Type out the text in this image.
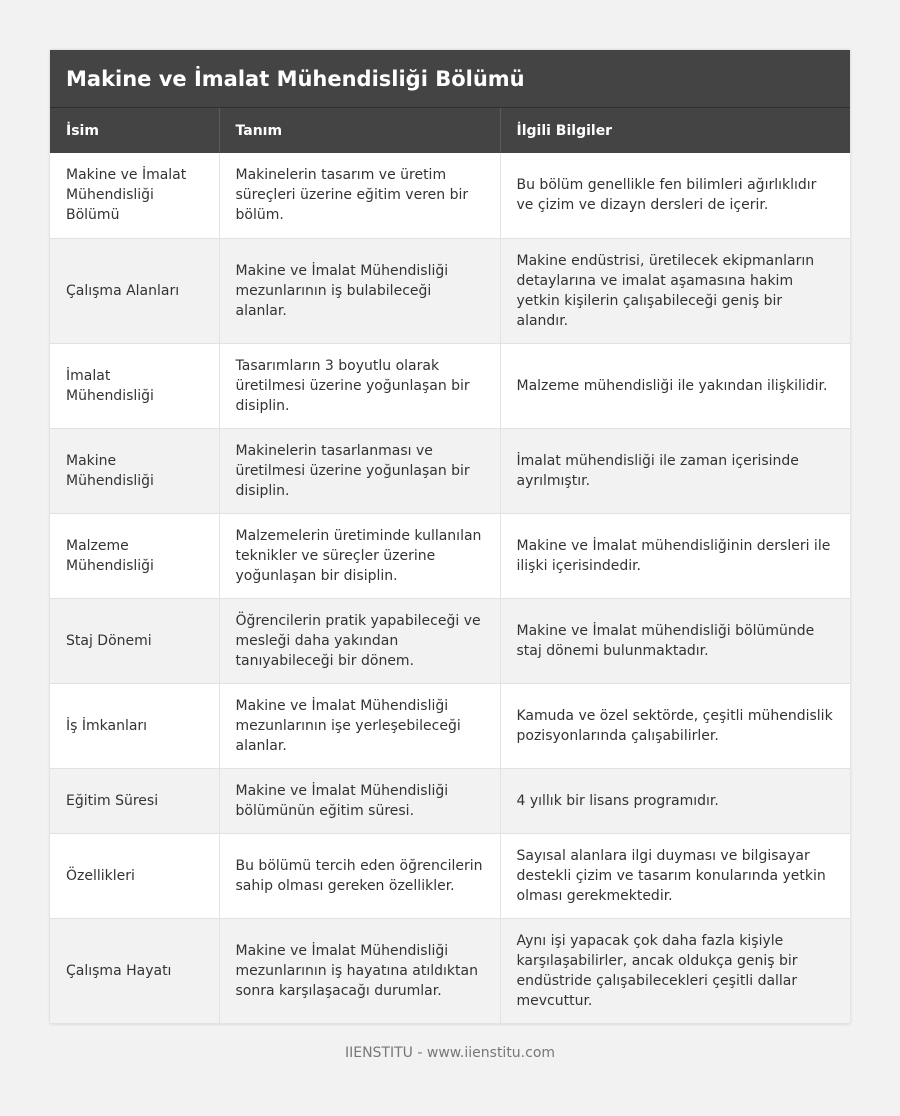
Makine ve İmalat Mühendisliği Bölümü
İsim	Tanım	İlgili Bilgiler
Makine ve İmalat Mühendisliği Bölümü	Makinelerin tasarım ve üretim süreçleri üzerine eğitim veren bir bölüm.	Bu bölüm genellikle fen bilimleri ağırlıklıdır ve çizim ve dizayn dersleri de içerir.
Çalışma Alanları	Makine ve İmalat Mühendisliği mezunlarının iş bulabileceği alanlar.	Makine endüstrisi, üretilecek ekipmanların detaylarına ve imalat aşamasına hakim yetkin kişilerin çalışabileceği geniş bir alandır.
İmalat Mühendisliği	Tasarımların 3 boyutlu olarak üretilmesi üzerine yoğunlaşan bir disiplin.	Malzeme mühendisliği ile yakından ilişkilidir.
Makine Mühendisliği	Makinelerin tasarlanması ve üretilmesi üzerine yoğunlaşan bir disiplin.	İmalat mühendisliği ile zaman içerisinde ayrılmıştır.
Malzeme Mühendisliği	Malzemelerin üretiminde kullanılan teknikler ve süreçler üzerine yoğunlaşan bir disiplin.	Makine ve İmalat mühendisliğinin dersleri ile ilişki içerisindedir.
Staj Dönemi	Öğrencilerin pratik yapabileceği ve mesleği daha yakından tanıyabileceği bir dönem.	Makine ve İmalat mühendisliği bölümünde staj dönemi bulunmaktadır.
İş İmkanları	Makine ve İmalat Mühendisliği mezunlarının işe yerleşebileceği alanlar.	Kamuda ve özel sektörde, çeşitli mühendislik pozisyonlarında çalışabilirler.
Eğitim Süresi	Makine ve İmalat Mühendisliği bölümünün eğitim süresi.	4 yıllık bir lisans programıdır.
Özellikleri	Bu bölümü tercih eden öğrencilerin sahip olması gereken özellikler.	Sayısal alanlara ilgi duyması ve bilgisayar destekli çizim ve tasarım konularında yetkin olması gerekmektedir.
Çalışma Hayatı	Makine ve İmalat Mühendisliği mezunlarının iş hayatına atıldıktan sonra karşılaşacağı durumlar.	Aynı işi yapacak çok daha fazla kişiyle karşılaşabilirler, ancak oldukça geniş bir endüstride çalışabilecekleri çeşitli dallar mevcuttur.
IIENSTITU - www.iienstitu.com
